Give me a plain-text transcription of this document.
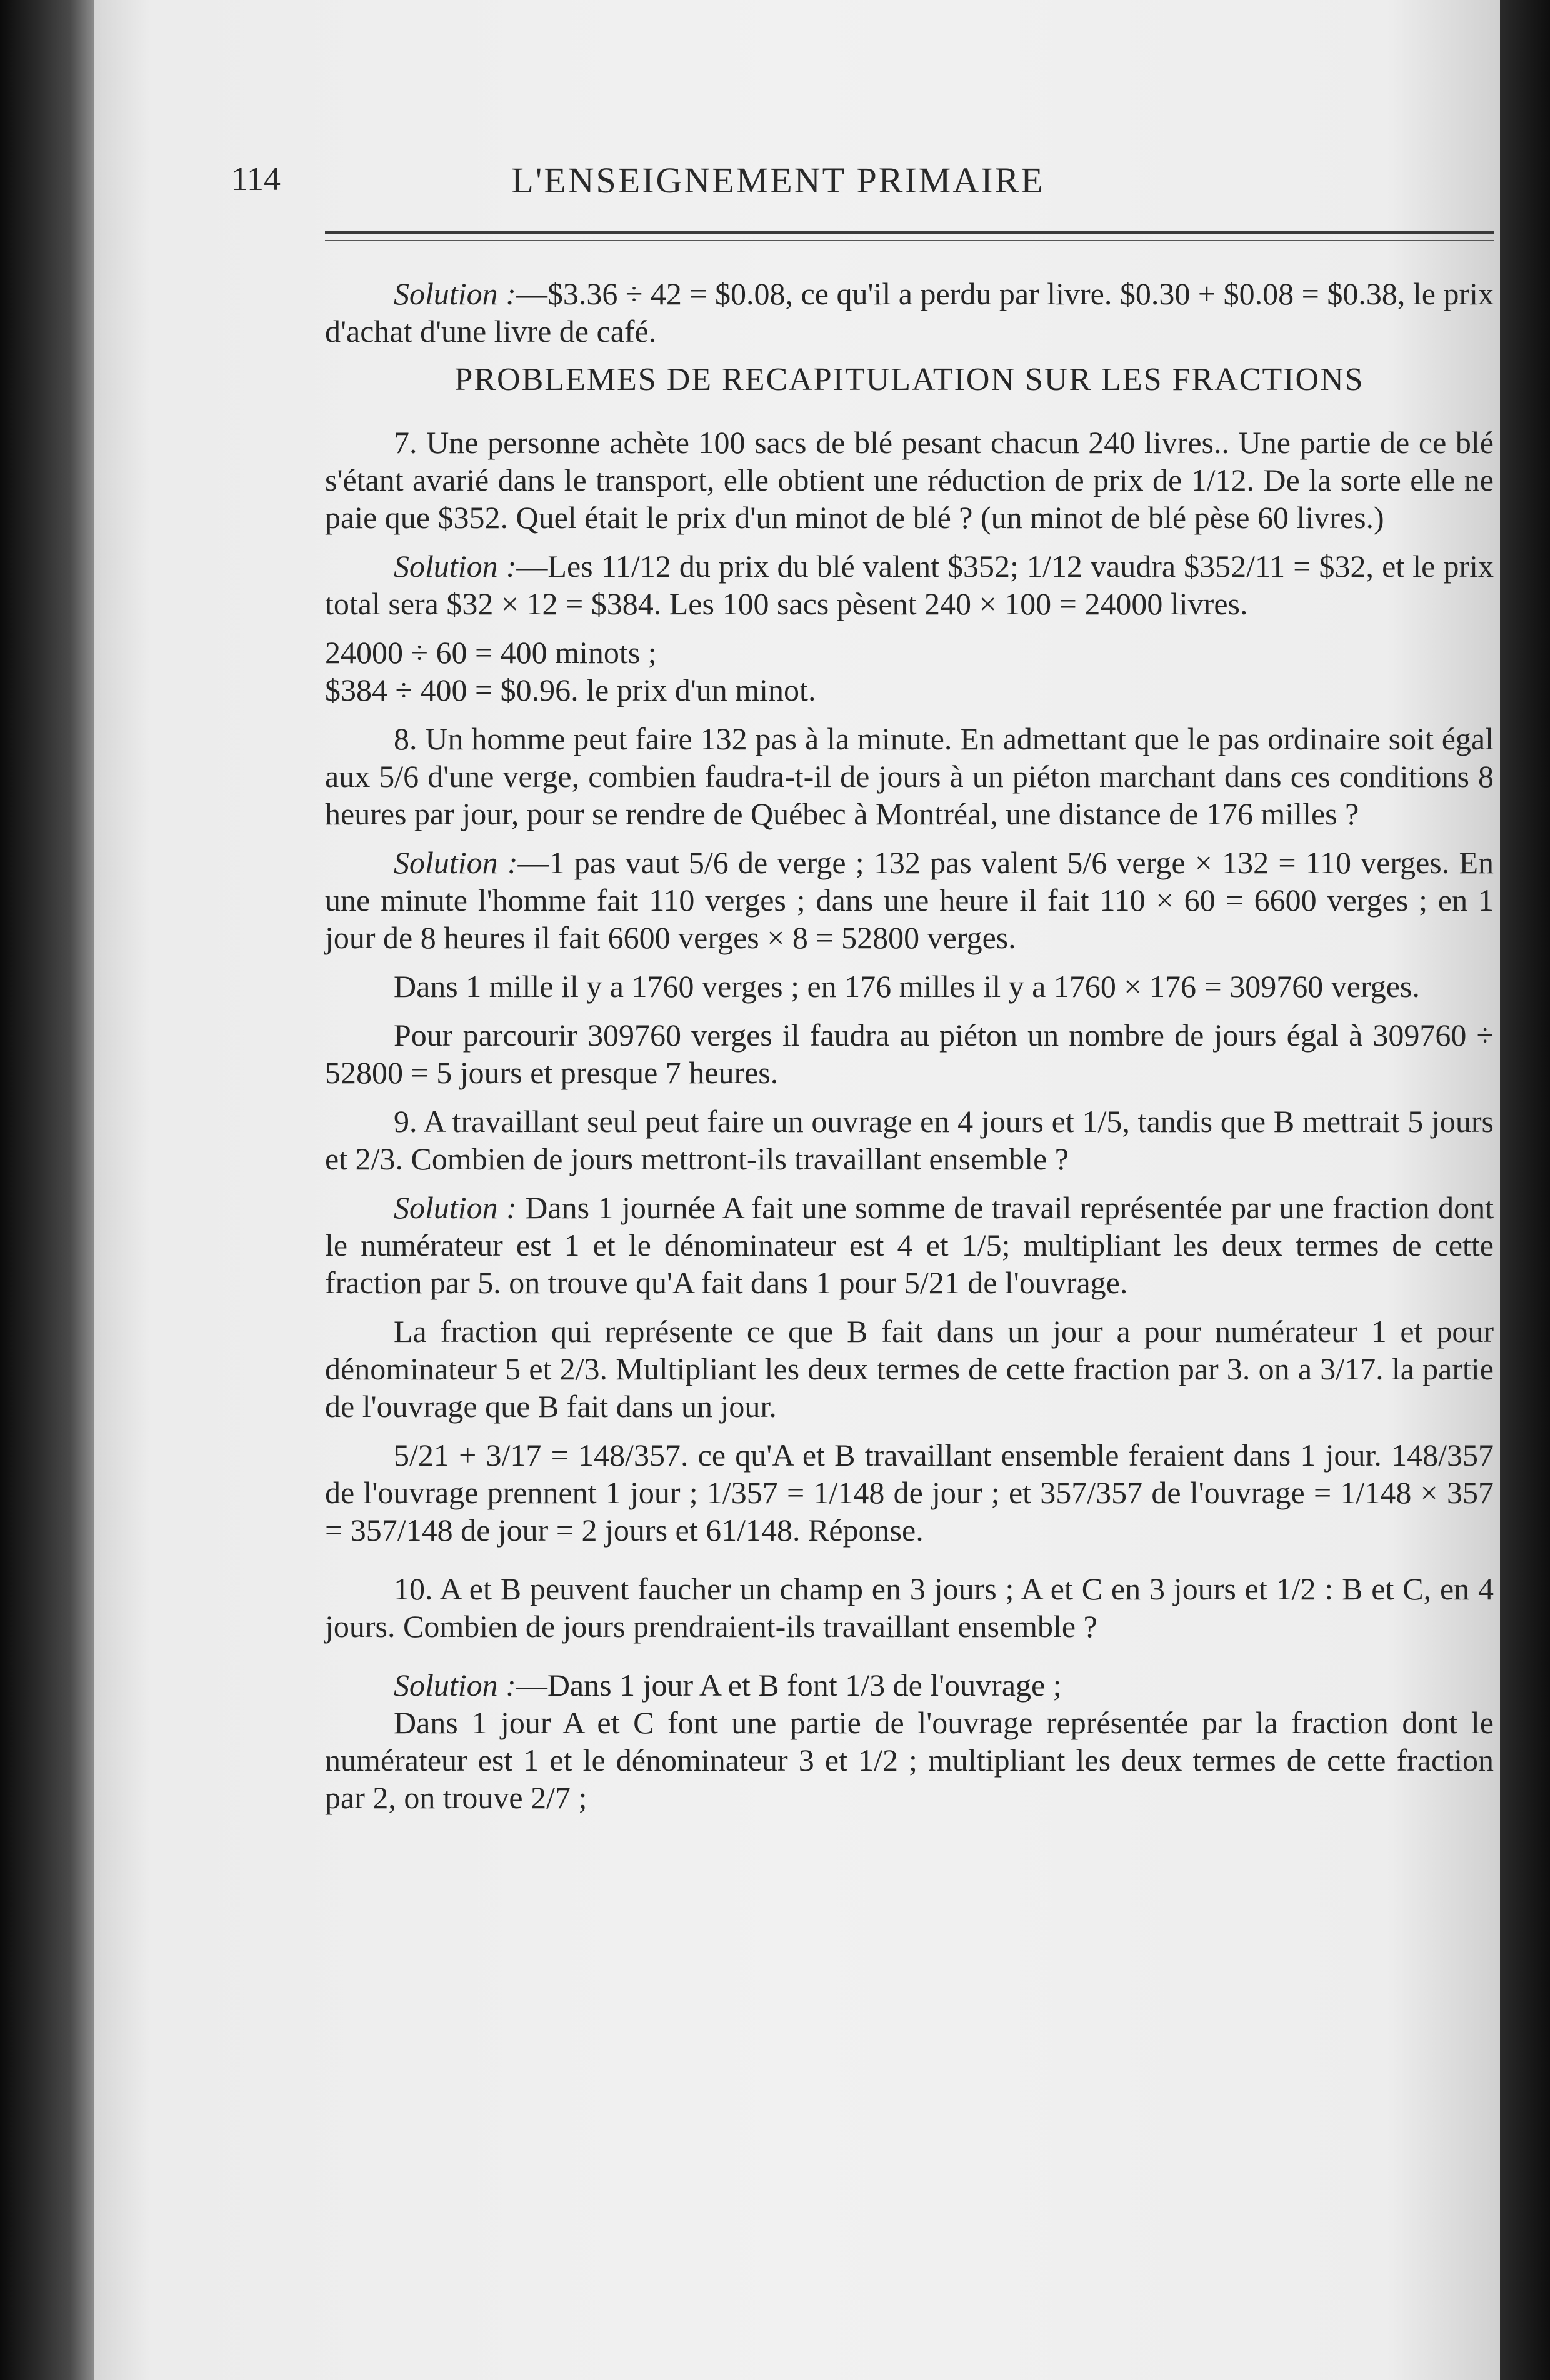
114	L'ENSEIGNEMENT PRIMAIRE

Solution :—$3.36 ÷ 42 = $0.08, ce qu'il a perdu par livre. $0.30 + $0.08 = $0.38, le prix d'achat d'une livre de café.

PROBLEMES DE RECAPITULATION SUR LES FRACTIONS

7. Une personne achète 100 sacs de blé pesant chacun 240 livres.. Une partie de ce blé s'étant avarié dans le transport, elle obtient une réduction de prix de 1/12. De la sorte elle ne paie que $352. Quel était le prix d'un minot de blé ? (un minot de blé pèse 60 livres.)

Solution :—Les 11/12 du prix du blé valent $352; 1/12 vaudra $352/11 = $32, et le prix total sera $32 × 12 = $384. Les 100 sacs pèsent 240 × 100 = 24000 livres.

24000 ÷ 60 = 400 minots ;

$384 ÷ 400 = $0.96. le prix d'un minot.

8. Un homme peut faire 132 pas à la minute. En admettant que le pas ordinaire soit égal aux 5/6 d'une verge, combien faudra-t-il de jours à un piéton marchant dans ces conditions 8 heures par jour, pour se rendre de Québec à Montréal, une distance de 176 milles ?

Solution :—1 pas vaut 5/6 de verge ; 132 pas valent 5/6 verge × 132 = 110 verges. En une minute l'homme fait 110 verges ; dans une heure il fait 110 × 60 = 6600 verges ; en 1 jour de 8 heures il fait 6600 verges × 8 = 52800 verges.

Dans 1 mille il y a 1760 verges ; en 176 milles il y a 1760 × 176 = 309760 verges.

Pour parcourir 309760 verges il faudra au piéton un nombre de jours égal à 309760 ÷ 52800 = 5 jours et presque 7 heures.

9. A travaillant seul peut faire un ouvrage en 4 jours et 1/5, tandis que B mettrait 5 jours et 2/3. Combien de jours mettront-ils travaillant ensemble ?

Solution : Dans 1 journée A fait une somme de travail représentée par une fraction dont le numérateur est 1 et le dénominateur est 4 et 1/5; multipliant les deux termes de cette fraction par 5. on trouve qu'A fait dans 1 pour 5/21 de l'ouvrage.

La fraction qui représente ce que B fait dans un jour a pour numérateur 1 et pour dénominateur 5 et 2/3. Multipliant les deux termes de cette fraction par 3. on a 3/17. la partie de l'ouvrage que B fait dans un jour.

5/21 + 3/17 = 148/357. ce qu'A et B travaillant ensemble feraient dans 1 jour. 148/357 de l'ouvrage prennent 1 jour ; 1/357 = 1/148 de jour ; et 357/357 de l'ouvrage = 1/148 × 357 = 357/148 de jour = 2 jours et 61/148. Réponse.

10. A et B peuvent faucher un champ en 3 jours ; A et C en 3 jours et 1/2 : B et C, en 4 jours. Combien de jours prendraient-ils travaillant ensemble ?

Solution :—Dans 1 jour A et B font 1/3 de l'ouvrage ;

Dans 1 jour A et C font une partie de l'ouvrage représentée par la fraction dont le numérateur est 1 et le dénominateur 3 et 1/2 ; multipliant les deux termes de cette fraction par 2, on trouve 2/7 ;
